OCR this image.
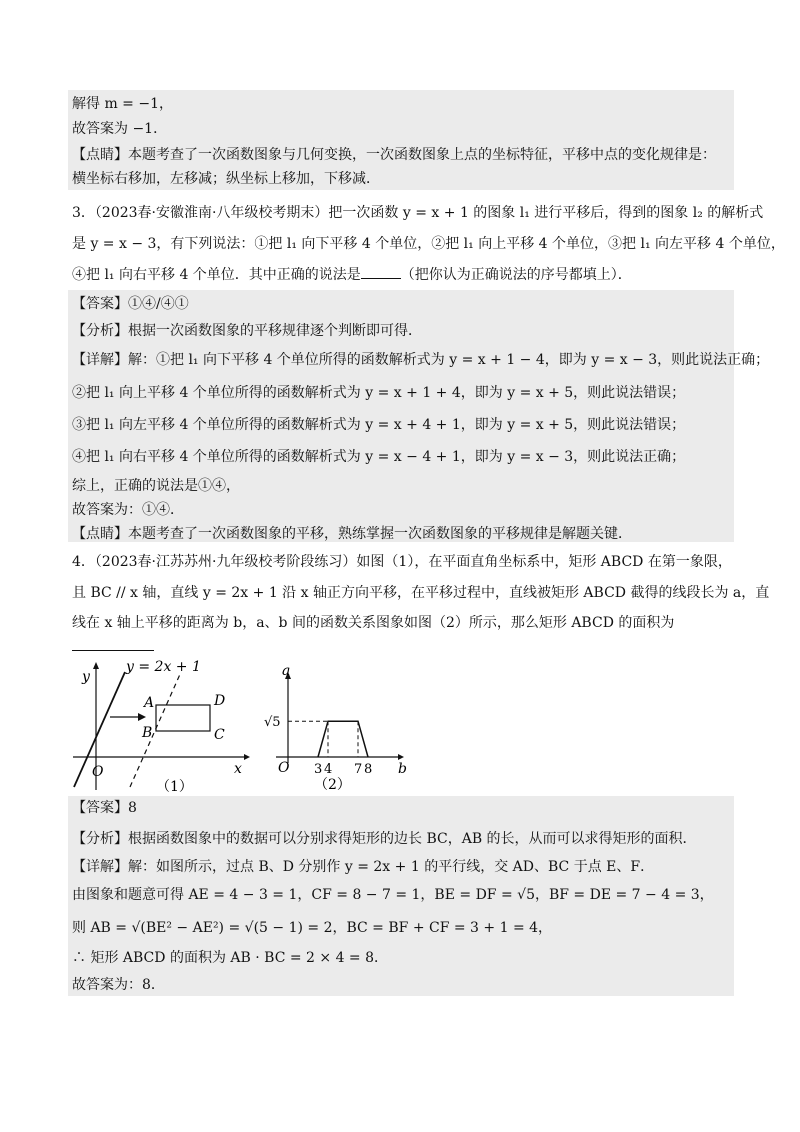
解得 m = −1，
故答案为 −1．
【点睛】本题考查了一次函数图象与几何变换，一次函数图象上点的坐标特征，平移中点的变化规律是：
横坐标右移加，左移减；纵坐标上移加，下移减．
3．（2023春·安徽淮南·八年级校考期末）把一次函数 y = x + 1 的图象 l₁ 进行平移后，得到的图象 l₂ 的解析式
是 y = x − 3，有下列说法：①把 l₁ 向下平移 4 个单位，②把 l₁ 向上平移 4 个单位，③把 l₁ 向左平移 4 个单位，
④把 l₁ 向右平移 4 个单位．其中正确的说法是	（把你认为正确说法的序号都填上）．
【答案】①④/④①
【分析】根据一次函数图象的平移规律逐个判断即可得．
【详解】解：①把 l₁ 向下平移 4 个单位所得的函数解析式为 y = x + 1 − 4，即为 y = x − 3，则此说法正确；
②把 l₁ 向上平移 4 个单位所得的函数解析式为 y = x + 1 + 4，即为 y = x + 5，则此说法错误；
③把 l₁ 向左平移 4 个单位所得的函数解析式为 y = x + 4 + 1，即为 y = x + 5，则此说法错误；
④把 l₁ 向右平移 4 个单位所得的函数解析式为 y = x − 4 + 1，即为 y = x − 3，则此说法正确；
综上，正确的说法是①④，
故答案为：①④．
【点睛】本题考查了一次函数图象的平移，熟练掌握一次函数图象的平移规律是解题关键．
4．（2023春·江苏苏州·九年级校考阶段练习）如图（1），在平面直角坐标系中，矩形 ABCD 在第一象限，
且 BC // x 轴，直线 y = 2x + 1 沿 x 轴正方向平移，在平移过程中，直线被矩形 ABCD 截得的线段长为 a，直
线在 x 轴上平移的距离为 b，a、b 间的函数关系图象如图（2）所示，那么矩形 ABCD 的面积为
y
x
O
y = 2x + 1
A
B	C
D
（1）
a
b
O
√5
3 4 7 8
（2）
【答案】8
【分析】根据函数图象中的数据可以分别求得矩形的边长 BC，AB 的长，从而可以求得矩形的面积．
【详解】解：如图所示，过点 B、D 分别作 y = 2x + 1 的平行线，交 AD、BC 于点 E、F．
由图象和题意可得 AE = 4 − 3 = 1，CF = 8 − 7 = 1，BE = DF = √5，BF = DE = 7 − 4 = 3，
则 AB = √(BE² − AE²) = √(5 − 1) = 2，BC = BF + CF = 3 + 1 = 4，
∴ 矩形 ABCD 的面积为 AB · BC = 2 × 4 = 8．
故答案为：8．
